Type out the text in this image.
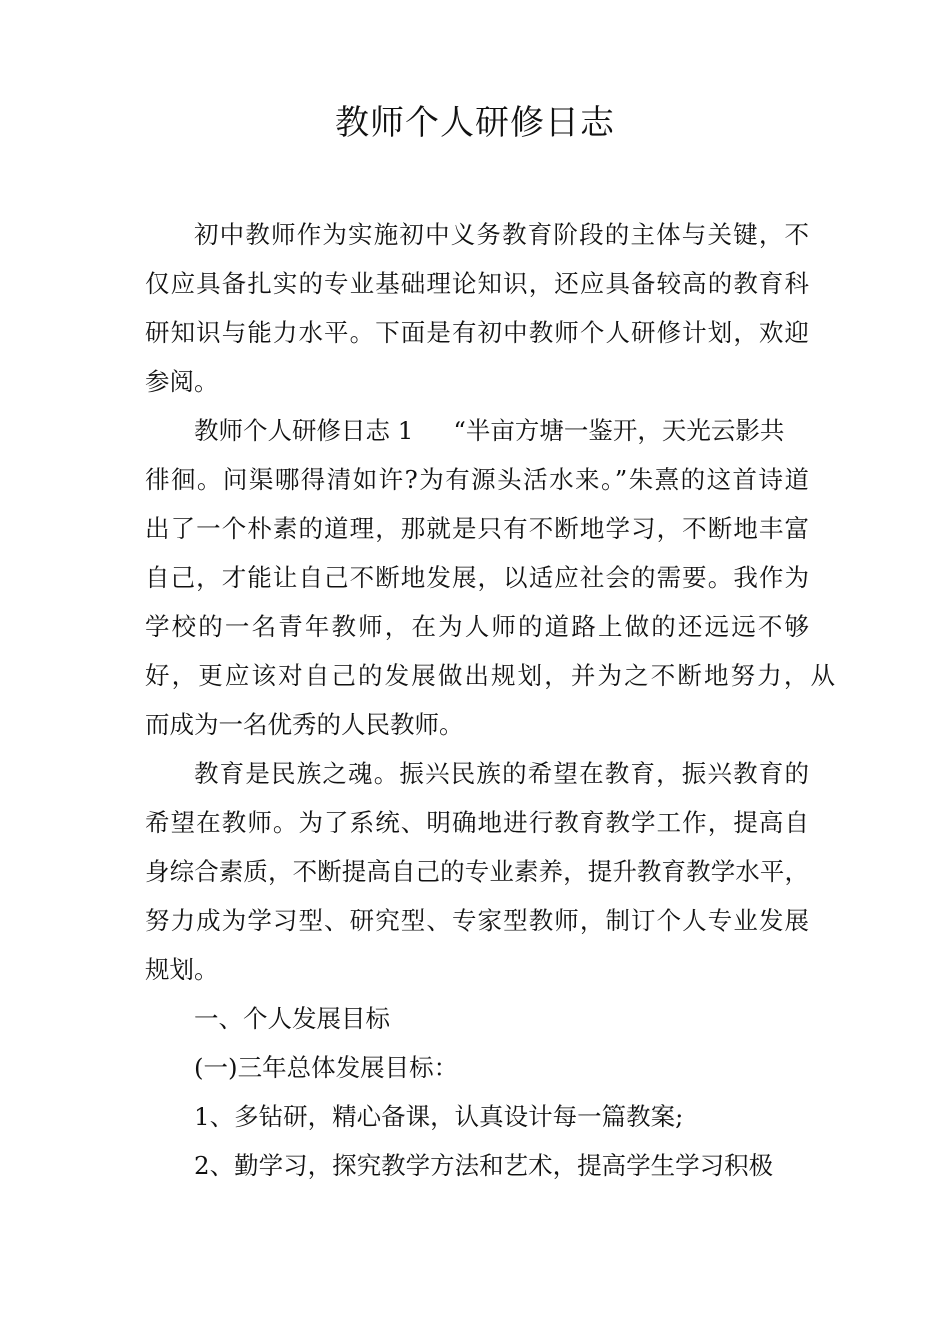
教师个人研修日志
初中教师作为实施初中义务教育阶段的主体与关键，不
仅应具备扎实的专业基础理论知识，还应具备较高的教育科
研知识与能力水平。下面是有初中教师个人研修计划，欢迎
参阅。
教师个人研修日志 1 “半亩方塘一鉴开，天光云影共
徘徊。问渠哪得清如许?为有源头活水来。”朱熹的这首诗道
出了一个朴素的道理，那就是只有不断地学习，不断地丰富
自己，才能让自己不断地发展，以适应社会的需要。我作为
学校的一名青年教师，在为人师的道路上做的还远远不够
好，更应该对自己的发展做出规划，并为之不断地努力，从
而成为一名优秀的人民教师。
教育是民族之魂。振兴民族的希望在教育，振兴教育的
希望在教师。为了系统、明确地进行教育教学工作，提高自
身综合素质，不断提高自己的专业素养，提升教育教学水平，
努力成为学习型、研究型、专家型教师，制订个人专业发展
规划。
一、个人发展目标
(一)三年总体发展目标：
1、多钻研，精心备课，认真设计每一篇教案;
2、勤学习，探究教学方法和艺术，提高学生学习积极
